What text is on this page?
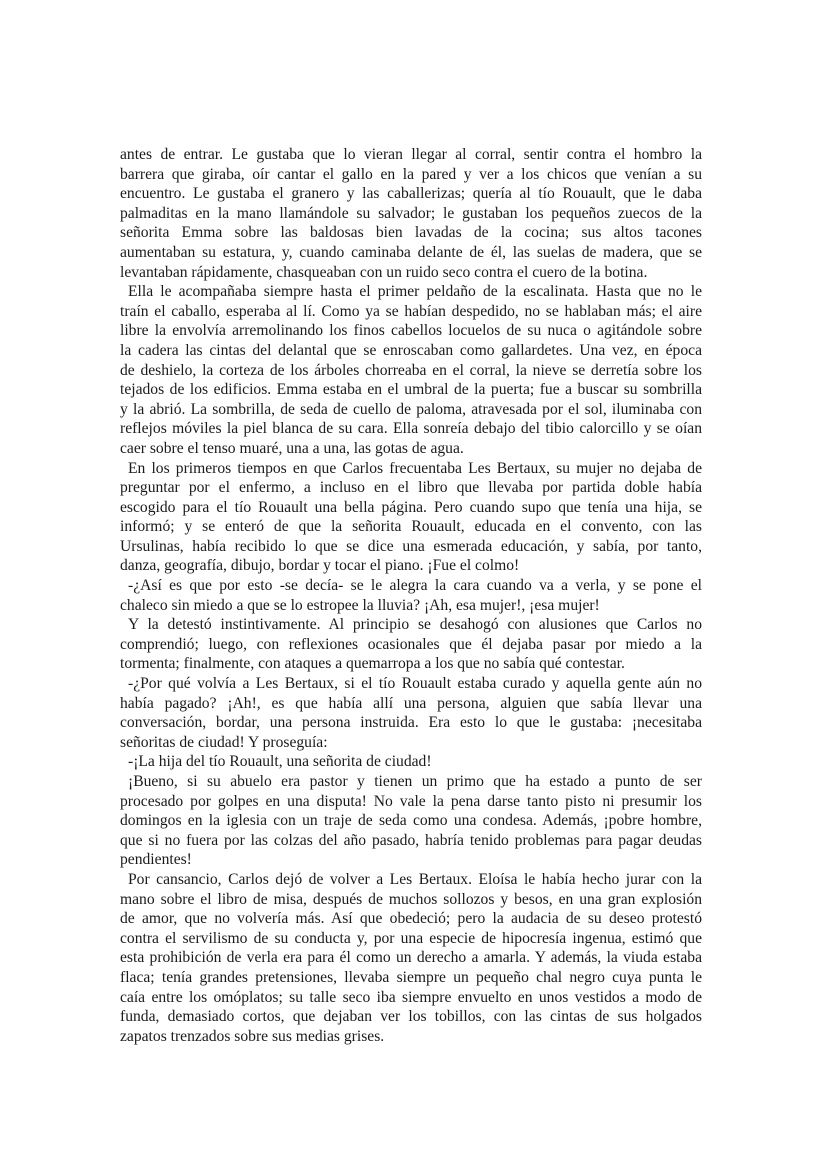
antes de entrar. Le gustaba que lo vieran llegar al corral, sentir contra el hombro la
barrera que giraba, oír cantar el gallo en la pared y ver a los chicos que venían a su
encuentro. Le gustaba el granero y las caballerizas; quería al tío Rouault, que le daba
palmaditas en la mano llamándole su salvador; le gustaban los pequeños zuecos de la
señorita Emma sobre las baldosas bien lavadas de la cocina; sus altos tacones
aumentaban su estatura, y, cuando caminaba delante de él, las suelas de madera, que se
levantaban rápidamente, chasqueaban con un ruido seco contra el cuero de la botina.
Ella le acompañaba siempre hasta el primer peldaño de la escalinata. Hasta que no le
traín el caballo, esperaba al lí. Como ya se habían despedido, no se hablaban más; el aire
libre la envolvía arremolinando los finos cabellos locuelos de su nuca o agitándole sobre
la cadera las cintas del delantal que se enroscaban como gallardetes. Una vez, en época
de deshielo, la corteza de los árboles chorreaba en el corral, la nieve se derretía sobre los
tejados de los edificios. Emma estaba en el umbral de la puerta; fue a buscar su sombrilla
y la abrió. La sombrilla, de seda de cuello de paloma, atravesada por el sol, iluminaba con
reflejos móviles la piel blanca de su cara. Ella sonreía debajo del tibio calorcillo y se oían
caer sobre el tenso muaré, una a una, las gotas de agua.
En los primeros tiempos en que Carlos frecuentaba Les Bertaux, su mujer no dejaba de
preguntar por el enfermo, a incluso en el libro que llevaba por partida doble había
escogido para el tío Rouault una bella página. Pero cuando supo que tenía una hija, se
informó; y se enteró de que la señorita Rouault, educada en el convento, con las
Ursulinas, había recibido lo que se dice una esmerada educación, y sabía, por tanto,
danza, geografía, dibujo, bordar y tocar el piano. ¡Fue el colmo!
-¿Así es que por esto -se decía- se le alegra la cara cuando va a verla, y se pone el
chaleco sin miedo a que se lo estropee la lluvia? ¡Ah, esa mujer!, ¡esa mujer!
Y la detestó instintivamente. Al principio se desahogó con alusiones que Carlos no
comprendió; luego, con reflexiones ocasionales que él dejaba pasar por miedo a la
tormenta; finalmente, con ataques a quemarropa a los que no sabía qué contestar.
-¿Por qué volvía a Les Bertaux, si el tío Rouault estaba curado y aquella gente aún no
había pagado? ¡Ah!, es que había allí una persona, alguien que sabía llevar una
conversación, bordar, una persona instruida. Era esto lo que le gustaba: ¡necesitaba
señoritas de ciudad! Y proseguía:
-¡La hija del tío Rouault, una señorita de ciudad!
¡Bueno, si su abuelo era pastor y tienen un primo que ha estado a punto de ser
procesado por golpes en una disputa! No vale la pena darse tanto pisto ni presumir los
domingos en la iglesia con un traje de seda como una condesa. Además, ¡pobre hombre,
que si no fuera por las colzas del año pasado, habría tenido problemas para pagar deudas
pendientes!
Por cansancio, Carlos dejó de volver a Les Bertaux. Eloísa le había hecho jurar con la
mano sobre el libro de misa, después de muchos sollozos y besos, en una gran explosión
de amor, que no volvería más. Así que obedeció; pero la audacia de su deseo protestó
contra el servilismo de su conducta y, por una especie de hipocresía ingenua, estimó que
esta prohibición de verla era para él como un derecho a amarla. Y además, la viuda estaba
flaca; tenía grandes pretensiones, llevaba siempre un pequeño chal negro cuya punta le
caía entre los omóplatos; su talle seco iba siempre envuelto en unos vestidos a modo de
funda, demasiado cortos, que dejaban ver los tobillos, con las cintas de sus holgados
zapatos trenzados sobre sus medias grises.
